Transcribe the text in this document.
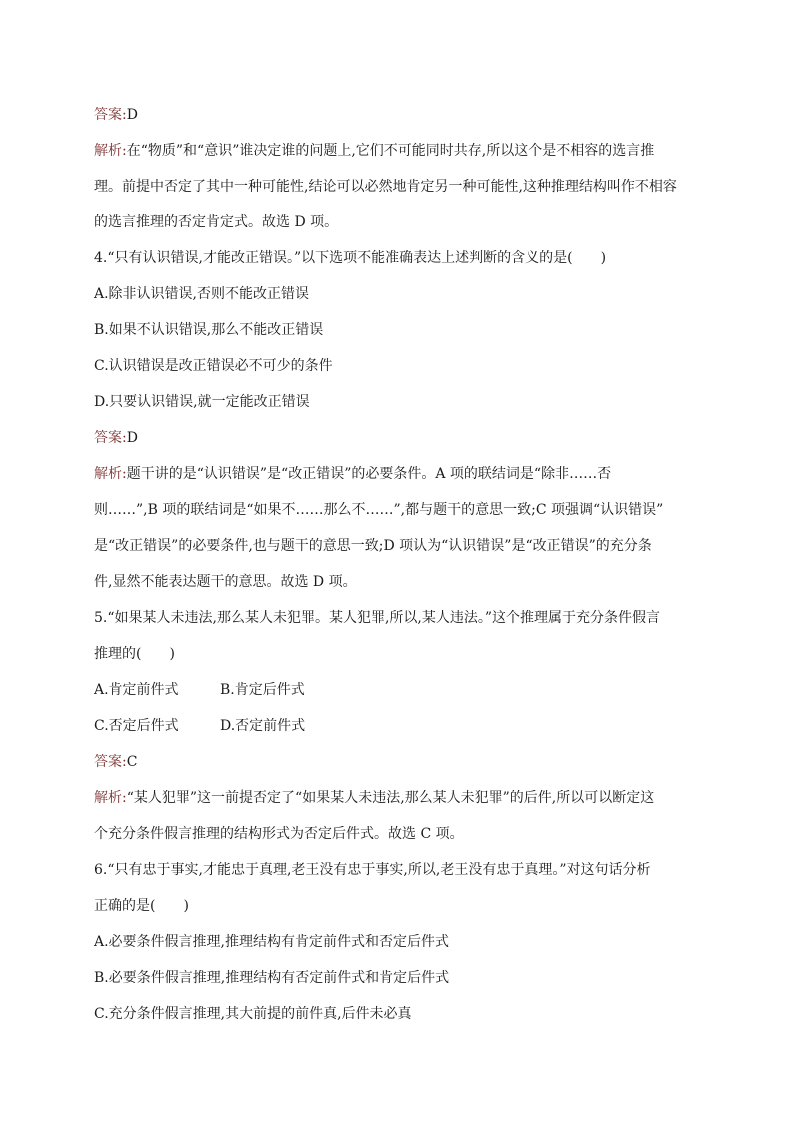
答案:D
解析:在“物质”和“意识”谁决定谁的问题上,它们不可能同时共存,所以这个是不相容的选言推
理。前提中否定了其中一种可能性,结论可以必然地肯定另一种可能性,这种推理结构叫作不相容
的选言推理的否定肯定式。故选 D 项。
4.“只有认识错误,才能改正错误。”以下选项不能准确表达上述判断的含义的是(　　)
A.除非认识错误,否则不能改正错误
B.如果不认识错误,那么不能改正错误
C.认识错误是改正错误必不可少的条件
D.只要认识错误,就一定能改正错误
答案:D
解析:题干讲的是“认识错误”是“改正错误”的必要条件。A 项的联结词是“除非……否
则……”,B 项的联结词是“如果不……那么不……”,都与题干的意思一致;C 项强调“认识错误”
是“改正错误”的必要条件,也与题干的意思一致;D 项认为“认识错误”是“改正错误”的充分条
件,显然不能表达题干的意思。故选 D 项。
5.“如果某人未违法,那么某人未犯罪。某人犯罪,所以,某人违法。”这个推理属于充分条件假言
推理的(　　)
A.肯定前件式	B.肯定后件式
C.否定后件式	D.否定前件式
答案:C
解析:“某人犯罪”这一前提否定了“如果某人未违法,那么某人未犯罪”的后件,所以可以断定这
个充分条件假言推理的结构形式为否定后件式。故选 C 项。
6.“只有忠于事实,才能忠于真理,老王没有忠于事实,所以,老王没有忠于真理。”对这句话分析
正确的是(　　)
A.必要条件假言推理,推理结构有肯定前件式和否定后件式
B.必要条件假言推理,推理结构有否定前件式和肯定后件式
C.充分条件假言推理,其大前提的前件真,后件未必真
